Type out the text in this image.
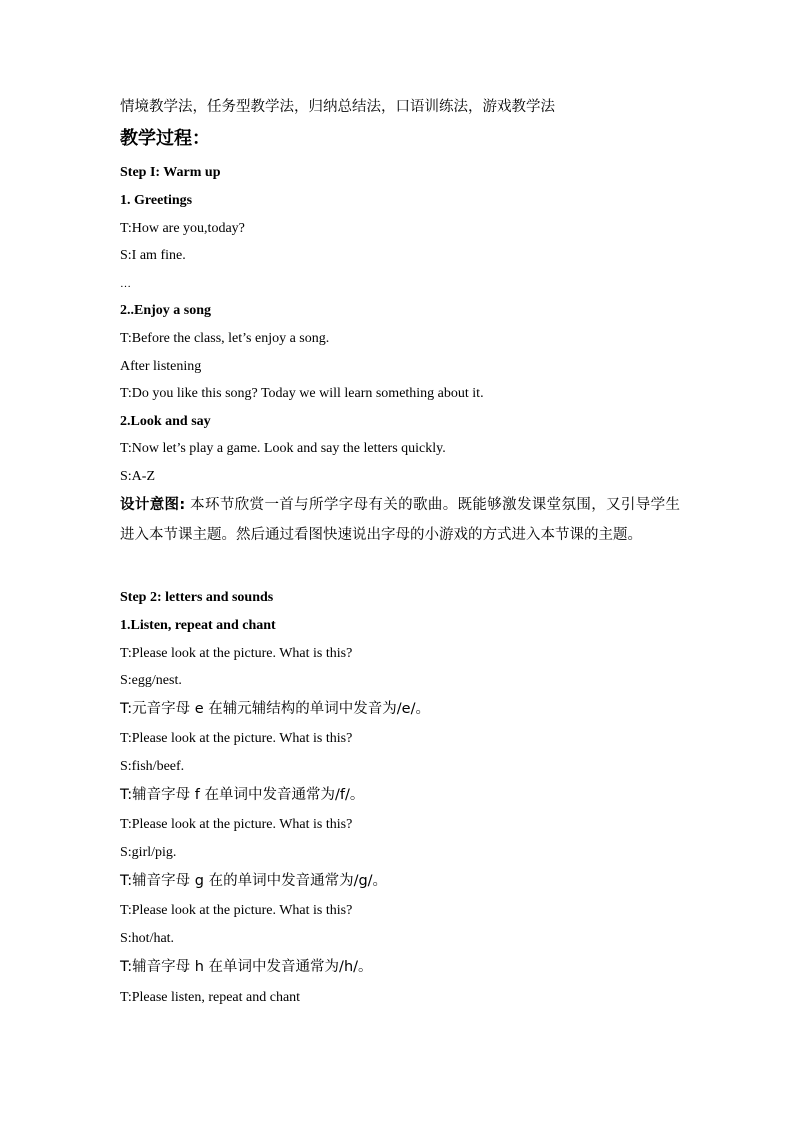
情境教学法，任务型教学法，归纳总结法，口语训练法，游戏教学法

教学过程：

Step I: Warm up

1. Greetings

T:How are you,today?

S:I am fine.

…

2..Enjoy a song

T:Before the class, let’s enjoy a song.

After listening

T:Do you like this song? Today we will learn something about it.

2.Look and say

T:Now let’s play a game. Look and say the letters quickly.

S:A-Z

设计意图: 本环节欣赏一首与所学字母有关的歌曲。既能够激发课堂氛围，又引导学生进入本节课主题。然后通过看图快速说出字母的小游戏的方式进入本节课的主题。

Step 2: letters and sounds

1.Listen, repeat and chant

T:Please look at the picture. What is this?

S:egg/nest.

T:元音字母 e 在辅元辅结构的单词中发音为/e/。

T:Please look at the picture. What is this?

S:fish/beef.

T:辅音字母 f 在单词中发音通常为/f/。

T:Please look at the picture. What is this?

S:girl/pig.

T:辅音字母 g 在的单词中发音通常为/g/。

T:Please look at the picture. What is this?

S:hot/hat.

T:辅音字母 h 在单词中发音通常为/h/。

T:Please listen, repeat and chant
